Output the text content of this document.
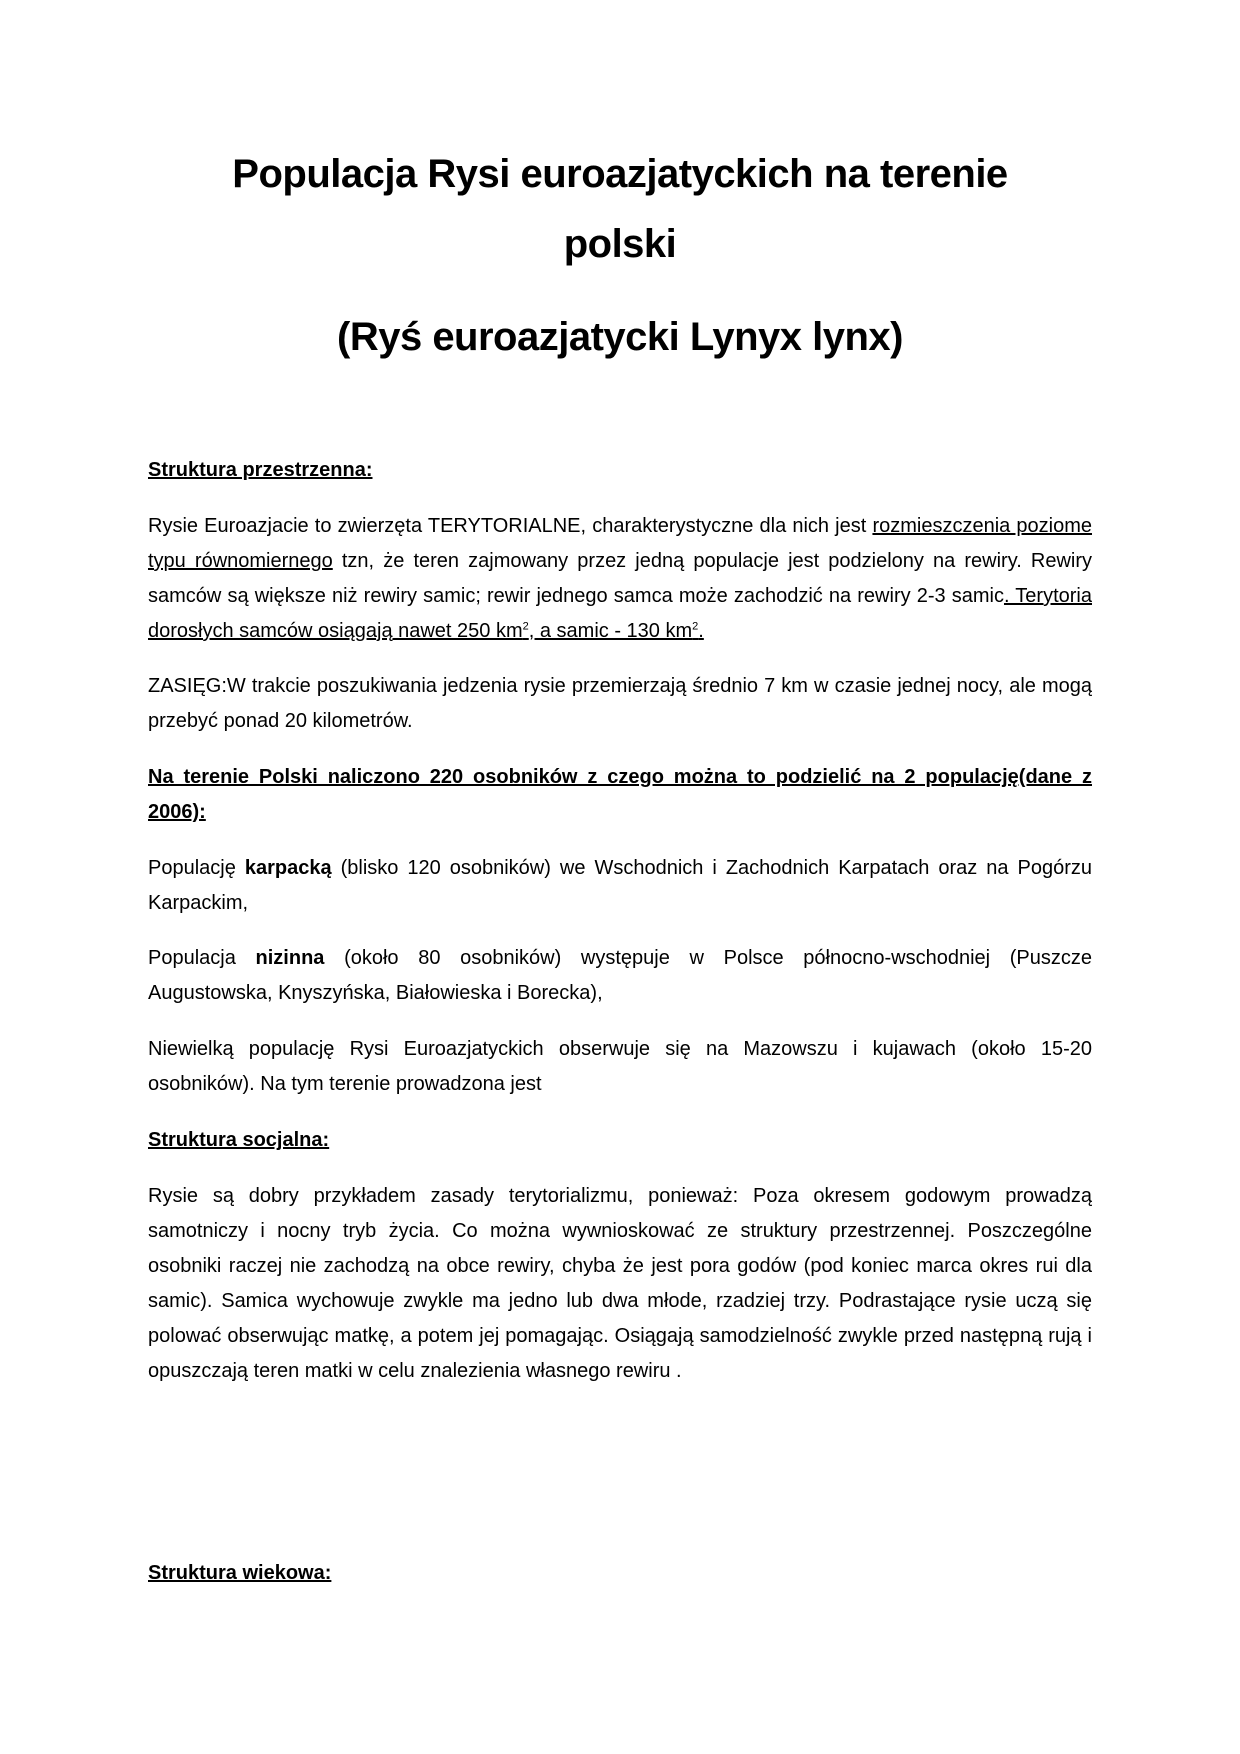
Populacja Rysi euroazjatyckich na terenie
polski
(Ryś euroazjatycki Lynyx lynx)
Struktura przestrzenna:
Rysie Euroazjacie to zwierzęta TERYTORIALNE, charakterystyczne dla nich jest rozmieszczenia poziome typu równomiernego tzn, że teren zajmowany przez jedną populacje jest podzielony na rewiry. Rewiry samców są większe niż rewiry samic; rewir jednego samca może zachodzić na rewiry 2-3 samic. Terytoria dorosłych samców osiągają nawet 250 $km^2$, a samic - 130 $km^2$.
ZASIĘG:W trakcie poszukiwania jedzenia rysie przemierzają średnio 7 km w czasie jednej nocy, ale mogą przebyć ponad 20 kilometrów.
Na terenie Polski naliczono 220 osobników z czego można to podzielić na 2 populację(dane z 2006):
Populację karpacką (blisko 120 osobników) we Wschodnich i Zachodnich Karpatach oraz na Pogórzu Karpackim,
Populacja nizinna (około 80 osobników) występuje w Polsce północno-wschodniej (Puszcze Augustowska, Knyszyńska, Białowieska i Borecka),
Niewielką populację Rysi Euroazjatyckich obserwuje się na Mazowszu i kujawach (około 15-20 osobników). Na tym terenie prowadzona jest
Struktura socjalna:
Rysie są dobry przykładem zasady terytorializmu, ponieważ: Poza okresem godowym prowadzą samotniczy i nocny tryb życia. Co można wywnioskować ze struktury przestrzennej. Poszczególne osobniki raczej nie zachodzą na obce rewiry, chyba że jest pora godów (pod koniec marca okres rui dla samic). Samica wychowuje zwykle ma jedno lub dwa młode, rzadziej trzy. Podrastające rysie uczą się polować obserwując matkę, a potem jej pomagając. Osiągają samodzielność zwykle przed następną rują i opuszczają teren matki w celu znalezienia własnego rewiru .
Struktura wiekowa:
